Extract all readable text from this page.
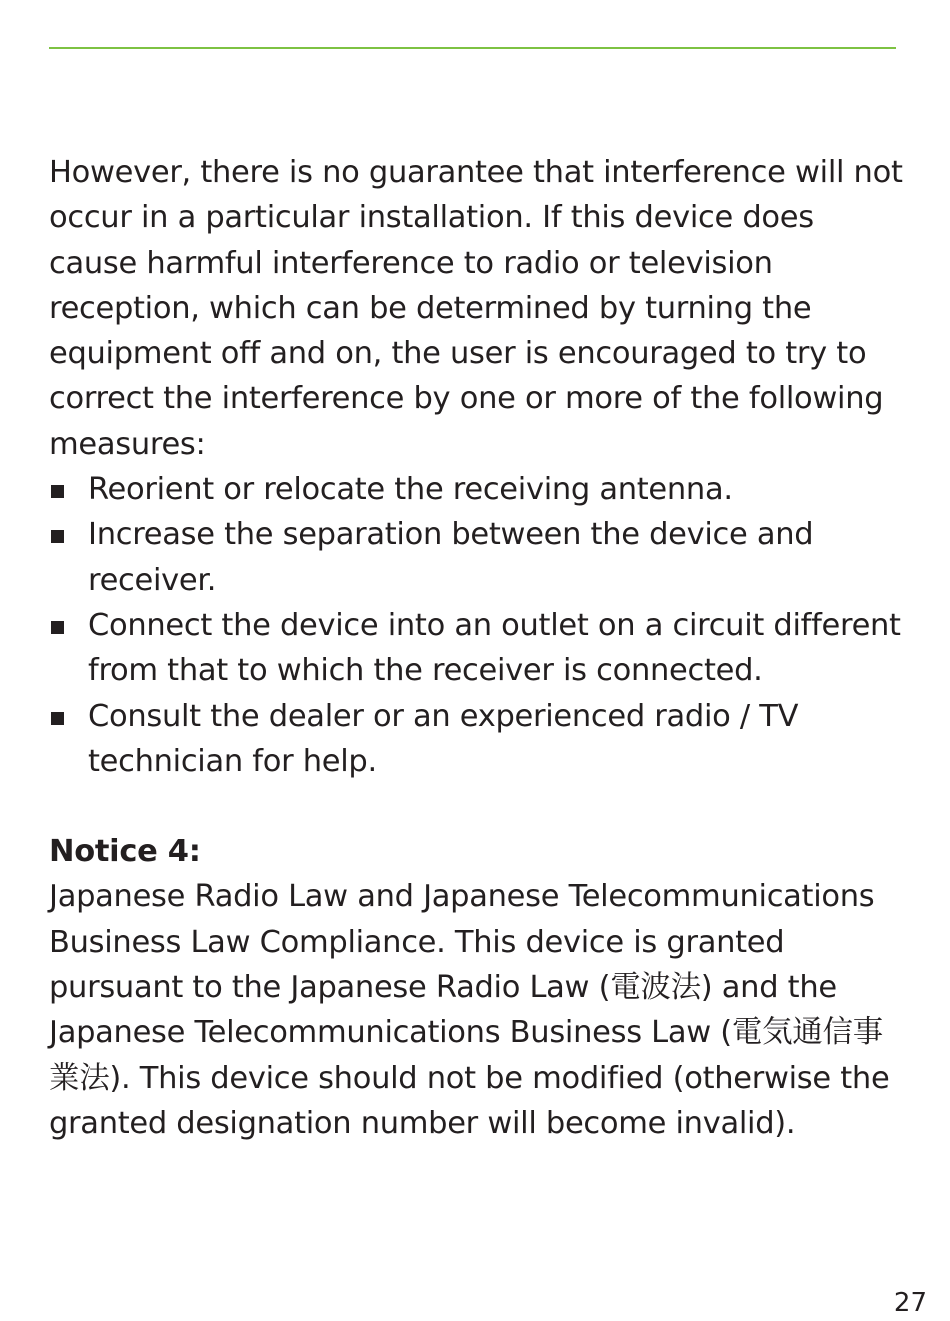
However, there is no guarantee that interference will not occur in a particular installation. If this device does cause harmful interference to radio or television reception, which can be determined by turning the equipment off and on, the user is encouraged to try to correct the interference by one or more of the following measures:

Reorient or relocate the receiving antenna.
Increase the separation between the device and receiver.
Connect the device into an outlet on a circuit different from that to which the receiver is connected.
Consult the dealer or an experienced radio / TV technician for help.

Notice 4:

Japanese Radio Law and Japanese Telecommunications Business Law Compliance. This device is granted pursuant to the Japanese Radio Law (電波法) and the Japanese Telecommunications Business Law (電気通信事業法). This device should not be modified (otherwise the granted designation number will become invalid).

27
